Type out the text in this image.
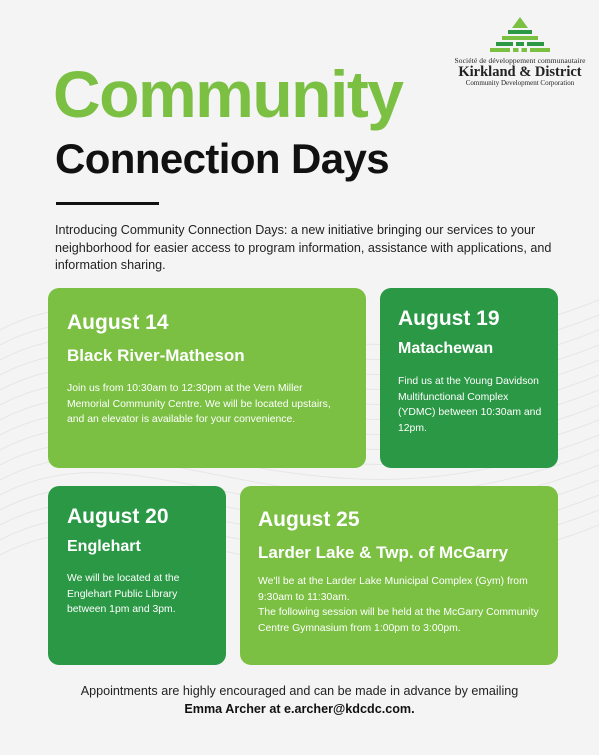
Société de développement communautaire
Kirkland & District
Community Development Corporation
Community
Connection Days
Introducing Community Connection Days: a new initiative bringing our services to your neighborhood for easier access to program information, assistance with applications, and information sharing.
August 14
Black River-Matheson
Join us from 10:30am to 12:30pm at the Vern Miller Memorial Community Centre. We will be located upstairs, and an elevator is available for your convenience.
August 19
Matachewan
Find us at the Young Davidson Multifunctional Complex (YDMC) between 10:30am and 12pm.
August 20
Englehart
We will be located at the Englehart Public Library between 1pm and 3pm.
August 25
Larder Lake & Twp. of McGarry
We'll be at the Larder Lake Municipal Complex (Gym) from 9:30am to 11:30am.
The following session will be held at the McGarry Community Centre Gymnasium from 1:00pm to 3:00pm.
Appointments are highly encouraged and can be made in advance by emailing
Emma Archer at e.archer@kdcdc.com.
